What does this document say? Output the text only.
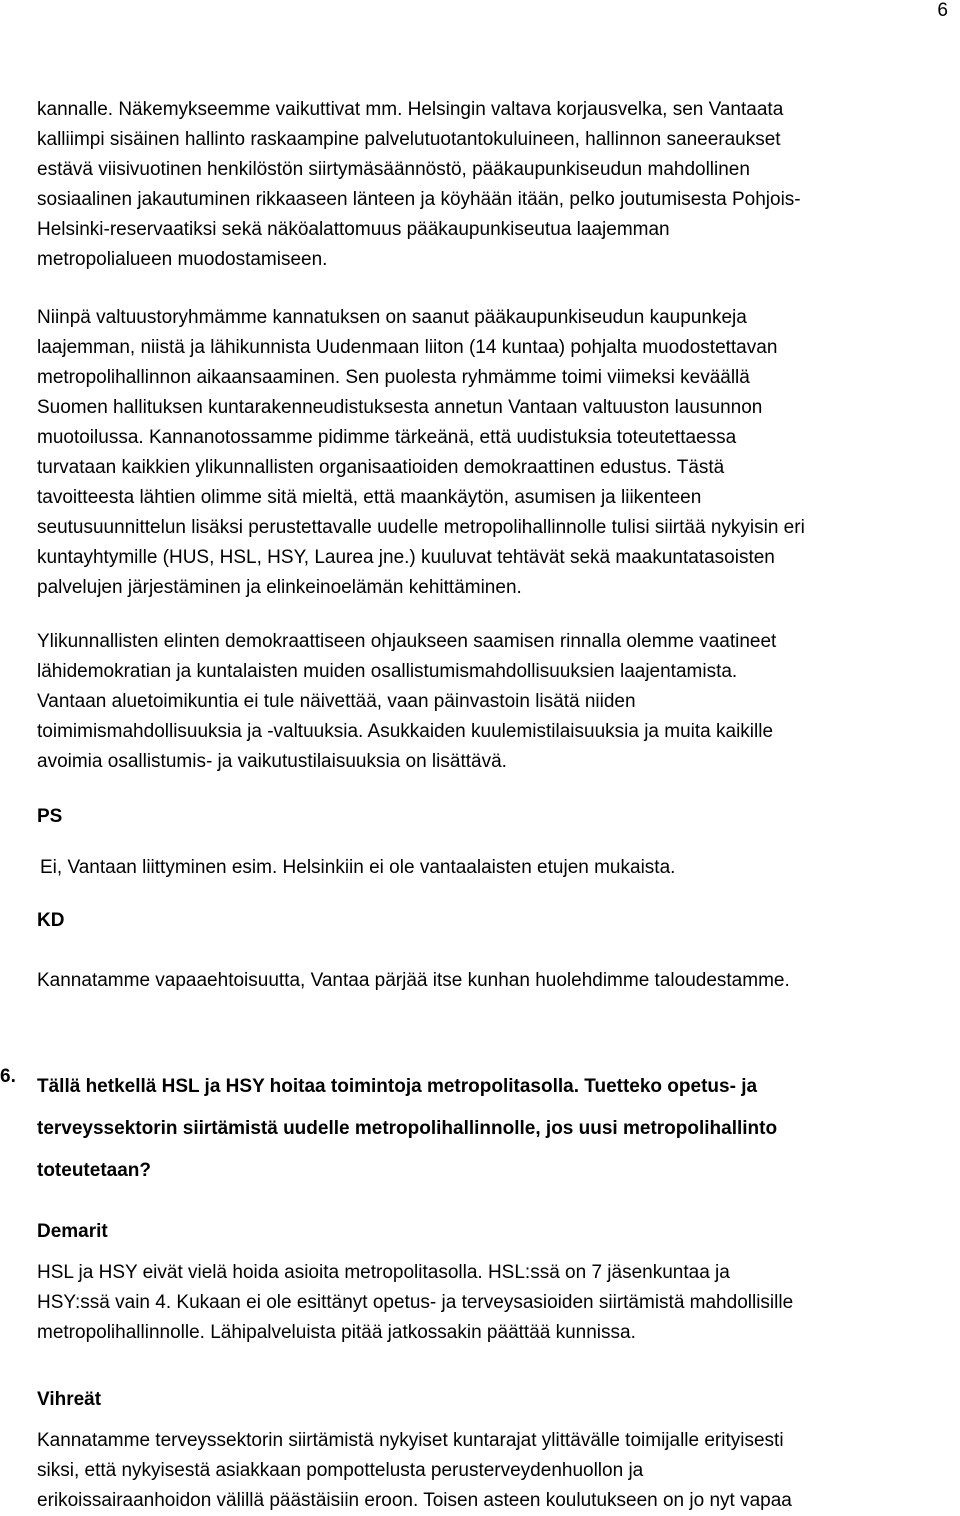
6
kannalle. Näkemykseemme vaikuttivat mm. Helsingin valtava korjausvelka, sen Vantaata
kalliimpi sisäinen hallinto raskaampine palvelutuotantokuluineen, hallinnon saneeraukset
estävä viisivuotinen henkilöstön siirtymäsäännöstö, pääkaupunkiseudun mahdollinen
sosiaalinen jakautuminen rikkaaseen länteen ja köyhään itään, pelko joutumisesta Pohjois-
Helsinki-reservaatiksi sekä näköalattomuus pääkaupunkiseutua laajemman
metropolialueen muodostamiseen.
Niinpä valtuustoryhmämme kannatuksen on saanut pääkaupunkiseudun kaupunkeja
laajemman, niistä ja lähikunnista Uudenmaan liiton (14 kuntaa) pohjalta muodostettavan
metropolihallinnon aikaansaaminen. Sen puolesta ryhmämme toimi viimeksi keväällä
Suomen hallituksen kuntarakenneudistuksesta annetun Vantaan valtuuston lausunnon
muotoilussa. Kannanotossamme pidimme tärkeänä, että uudistuksia toteutettaessa
turvataan kaikkien ylikunnallisten organisaatioiden demokraattinen edustus. Tästä
tavoitteesta lähtien olimme sitä mieltä, että maankäytön, asumisen ja liikenteen
seutusuunnittelun lisäksi perustettavalle uudelle metropolihallinnolle tulisi siirtää nykyisin eri
kuntayhtymille (HUS, HSL, HSY, Laurea jne.) kuuluvat tehtävät sekä maakuntatasoisten
palvelujen järjestäminen ja elinkeinoelämän kehittäminen.
Ylikunnallisten elinten demokraattiseen ohjaukseen saamisen rinnalla olemme vaatineet
lähidemokratian ja kuntalaisten muiden osallistumismahdollisuuksien laajentamista.
Vantaan aluetoimikuntia ei tule näivettää, vaan päinvastoin lisätä niiden
toimimismahdollisuuksia ja -valtuuksia. Asukkaiden kuulemistilaisuuksia ja muita kaikille
avoimia osallistumis- ja vaikutustilaisuuksia on lisättävä.
PS
Ei, Vantaan liittyminen esim. Helsinkiin ei ole vantaalaisten etujen mukaista.
KD
Kannatamme vapaaehtoisuutta, Vantaa pärjää itse kunhan huolehdimme taloudestamme.
6. Tällä hetkellä HSL ja HSY hoitaa toimintoja metropolitasolla. Tuetteko opetus- ja
terveyssektorin siirtämistä uudelle metropolihallinnolle, jos uusi metropolihallinto
toteutetaan?
Demarit
HSL ja HSY eivät vielä hoida asioita metropolitasolla. HSL:ssä on 7 jäsenkuntaa ja
HSY:ssä vain 4. Kukaan ei ole esittänyt opetus- ja terveysasioiden siirtämistä mahdollisille
metropolihallinnolle. Lähipalveluista pitää jatkossakin päättää kunnissa.
Vihreät
Kannatamme terveyssektorin siirtämistä nykyiset kuntarajat ylittävälle toimijalle erityisesti
siksi, että nykyisestä asiakkaan pompottelusta perusterveydenhuollon ja
erikoissairaanhoidon välillä päästäisiin eroon. Toisen asteen koulutukseen on jo nyt vapaa
